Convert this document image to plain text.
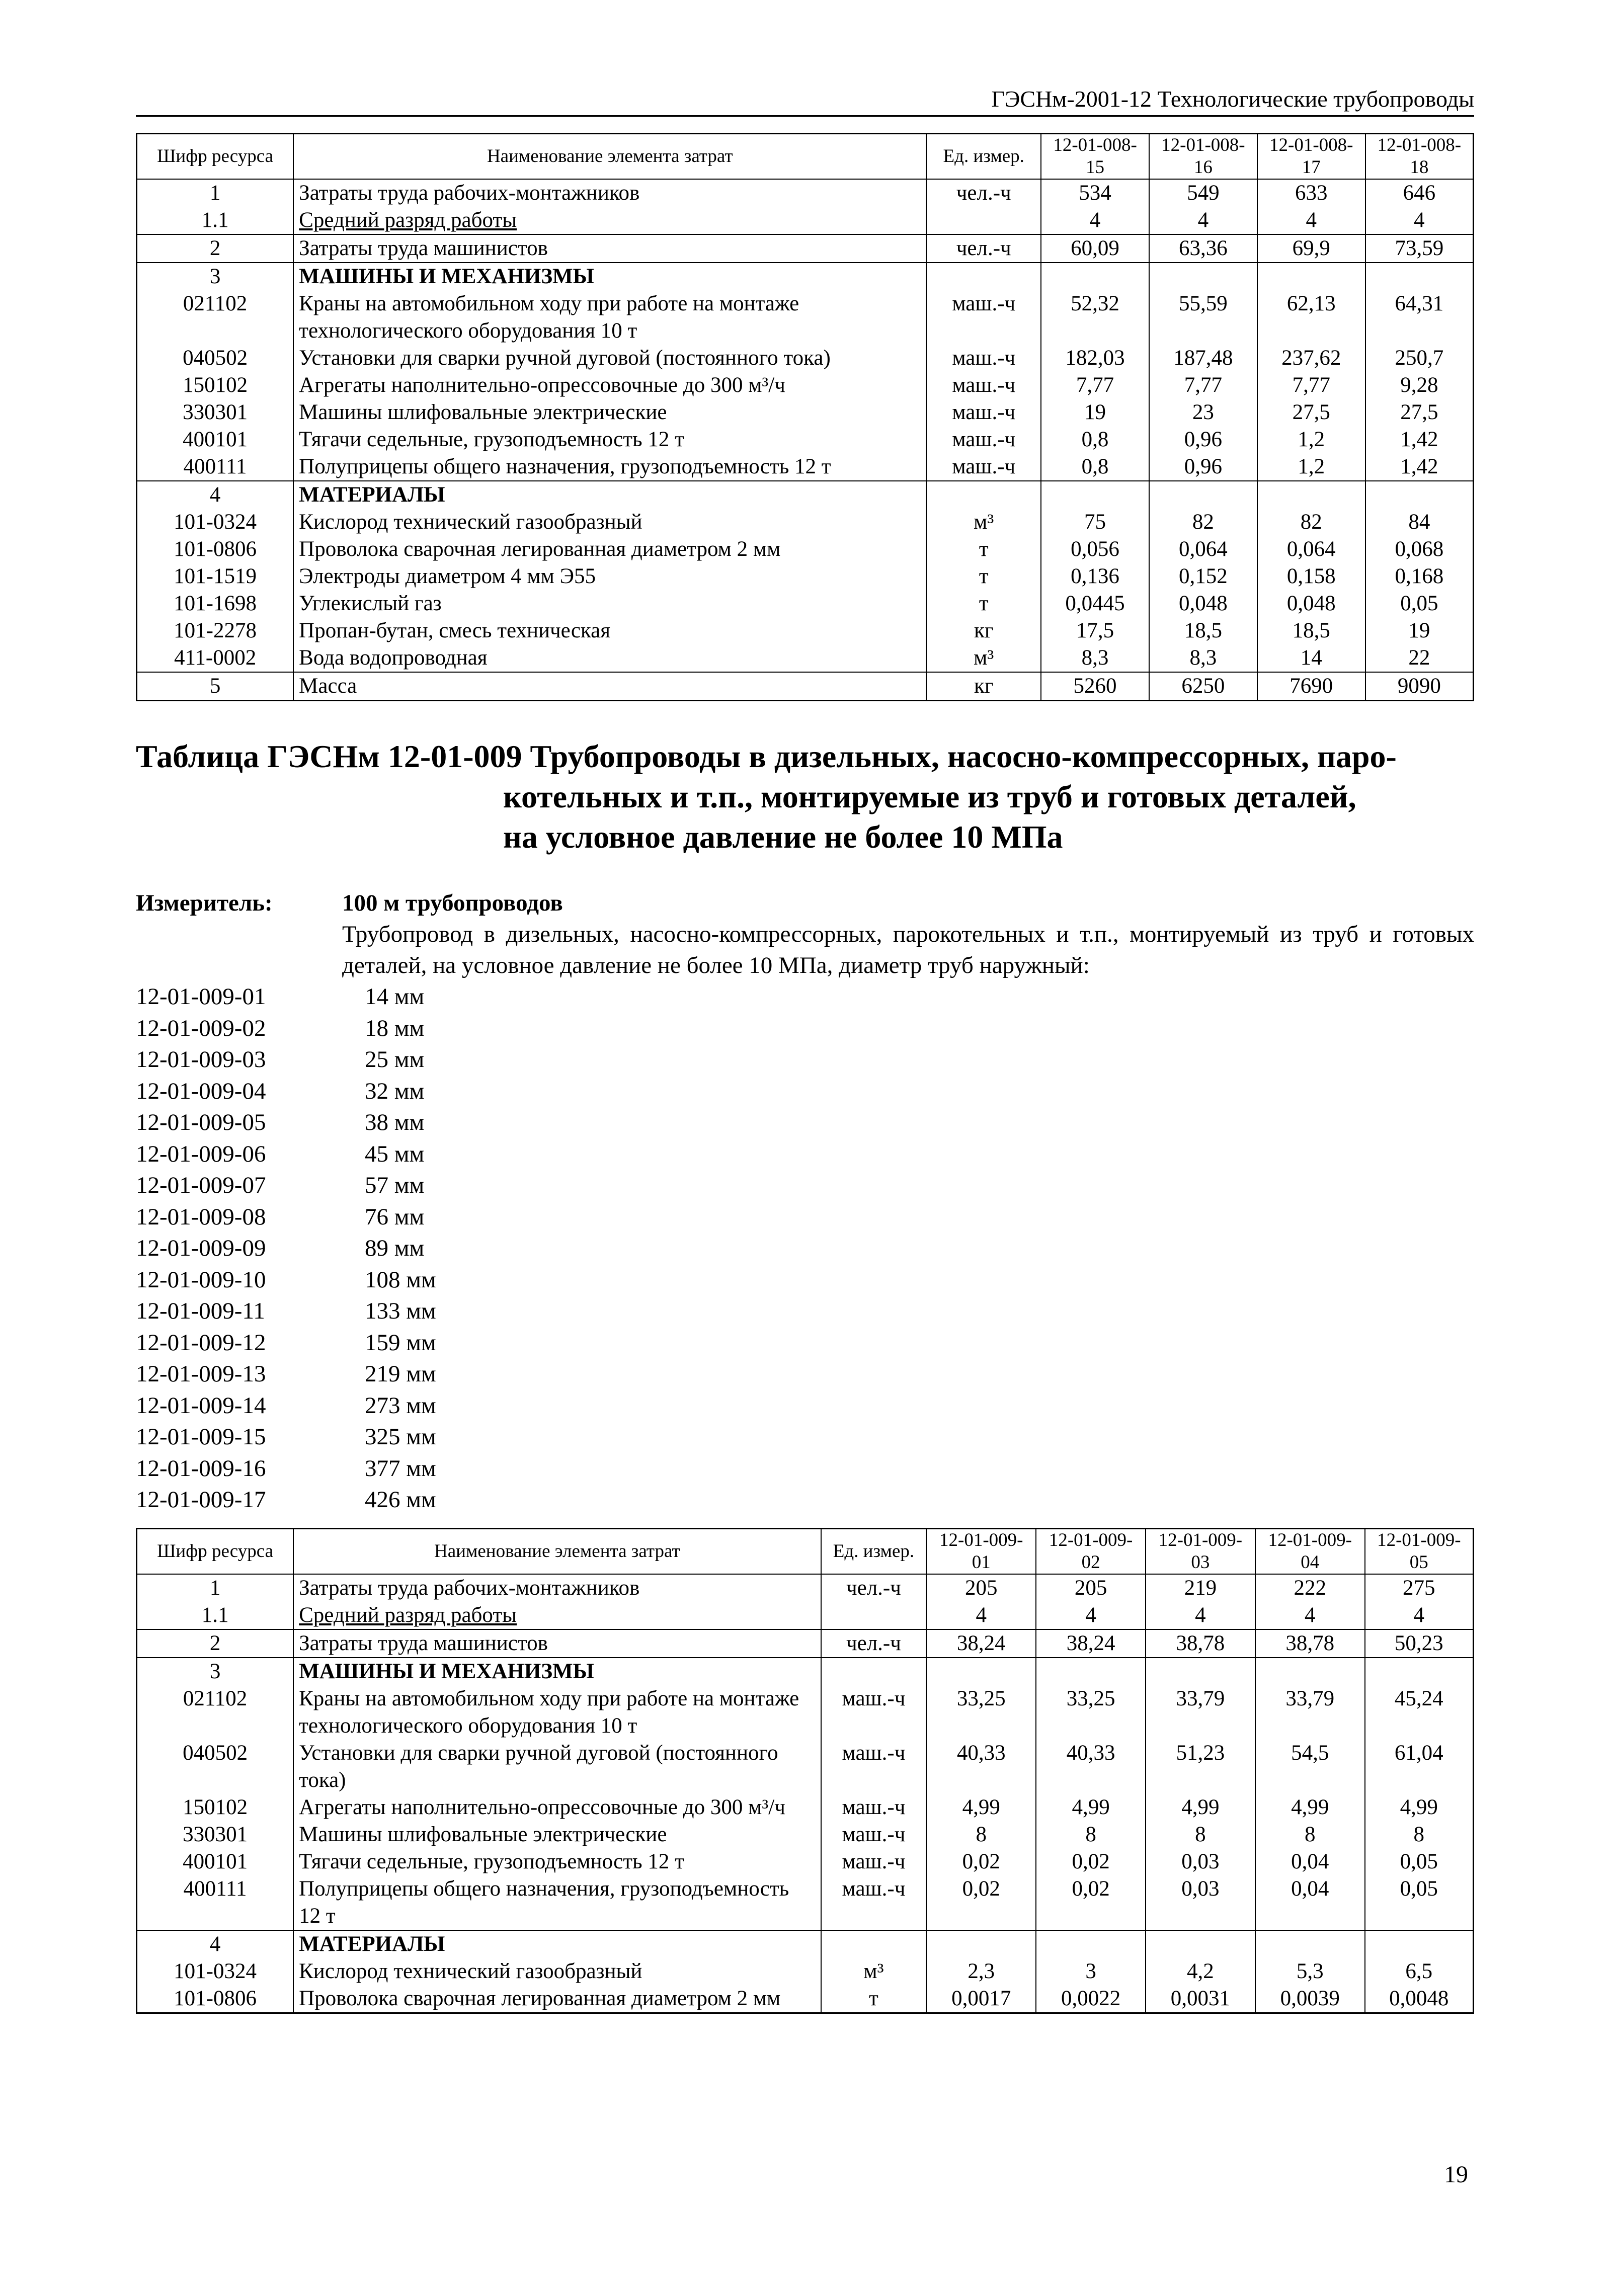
ГЭСНм-2001-12 Технологические трубопроводы
Шифр ресурса	Наименование элемента затрат	Ед. измер.	12-01-008-15	12-01-008-16	12-01-008-17	12-01-008-18
1	Затраты труда рабочих-монтажников	чел.-ч	534	549	633	646
1.1	Средний разряд работы		4	4	4	4
2	Затраты труда машинистов	чел.-ч	60,09	63,36	69,9	73,59
3	МАШИНЫ И МЕХАНИЗМЫ					
021102	Краны на автомобильном ходу при работе на монтаже технологического оборудования 10 т	маш.-ч	52,32	55,59	62,13	64,31
040502	Установки для сварки ручной дуговой (постоянного тока)	маш.-ч	182,03	187,48	237,62	250,7
150102	Агрегаты наполнительно-опрессовочные до 300 м³/ч	маш.-ч	7,77	7,77	7,77	9,28
330301	Машины шлифовальные электрические	маш.-ч	19	23	27,5	27,5
400101	Тягачи седельные, грузоподъемность 12 т	маш.-ч	0,8	0,96	1,2	1,42
400111	Полуприцепы общего назначения, грузоподъемность 12 т	маш.-ч	0,8	0,96	1,2	1,42
4	МАТЕРИАЛЫ					
101-0324	Кислород технический газообразный	м³	75	82	82	84
101-0806	Проволока сварочная легированная диаметром 2 мм	т	0,056	0,064	0,064	0,068
101-1519	Электроды диаметром 4 мм Э55	т	0,136	0,152	0,158	0,168
101-1698	Углекислый газ	т	0,0445	0,048	0,048	0,05
101-2278	Пропан-бутан, смесь техническая	кг	17,5	18,5	18,5	19
411-0002	Вода водопроводная	м³	8,3	8,3	14	22
5	Масса	кг	5260	6250	7690	9090
Таблица ГЭСНм 12-01-009 Трубопроводы в дизельных, насосно-компрессорных, паро-
котельных и т.п., монтируемые из труб и готовых деталей,
на условное давление не более 10 МПа
Измеритель:	100 м трубопроводов
Трубопровод в дизельных, насосно-компрессорных, парокотельных и т.п., монтируемый из труб и готовых деталей, на условное давление не более 10 МПа, диаметр труб наружный:
12-01-009-01	14 мм
12-01-009-02	18 мм
12-01-009-03	25 мм
12-01-009-04	32 мм
12-01-009-05	38 мм
12-01-009-06	45 мм
12-01-009-07	57 мм
12-01-009-08	76 мм
12-01-009-09	89 мм
12-01-009-10	108 мм
12-01-009-11	133 мм
12-01-009-12	159 мм
12-01-009-13	219 мм
12-01-009-14	273 мм
12-01-009-15	325 мм
12-01-009-16	377 мм
12-01-009-17	426 мм
Шифр ресурса	Наименование элемента затрат	Ед. измер.	12-01-009-01	12-01-009-02	12-01-009-03	12-01-009-04	12-01-009-05
1	Затраты труда рабочих-монтажников	чел.-ч	205	205	219	222	275
1.1	Средний разряд работы		4	4	4	4	4
2	Затраты труда машинистов	чел.-ч	38,24	38,24	38,78	38,78	50,23
3	МАШИНЫ И МЕХАНИЗМЫ						
021102	Краны на автомобильном ходу при работе на монтаже технологического оборудования 10 т	маш.-ч	33,25	33,25	33,79	33,79	45,24
040502	Установки для сварки ручной дуговой (постоянного тока)	маш.-ч	40,33	40,33	51,23	54,5	61,04
150102	Агрегаты наполнительно-опрессовочные до 300 м³/ч	маш.-ч	4,99	4,99	4,99	4,99	4,99
330301	Машины шлифовальные электрические	маш.-ч	8	8	8	8	8
400101	Тягачи седельные, грузоподъемность 12 т	маш.-ч	0,02	0,02	0,03	0,04	0,05
400111	Полуприцепы общего назначения, грузоподъемность 12 т	маш.-ч	0,02	0,02	0,03	0,04	0,05
4	МАТЕРИАЛЫ						
101-0324	Кислород технический газообразный	м³	2,3	3	4,2	5,3	6,5
101-0806	Проволока сварочная легированная диаметром 2 мм	т	0,0017	0,0022	0,0031	0,0039	0,0048
19
